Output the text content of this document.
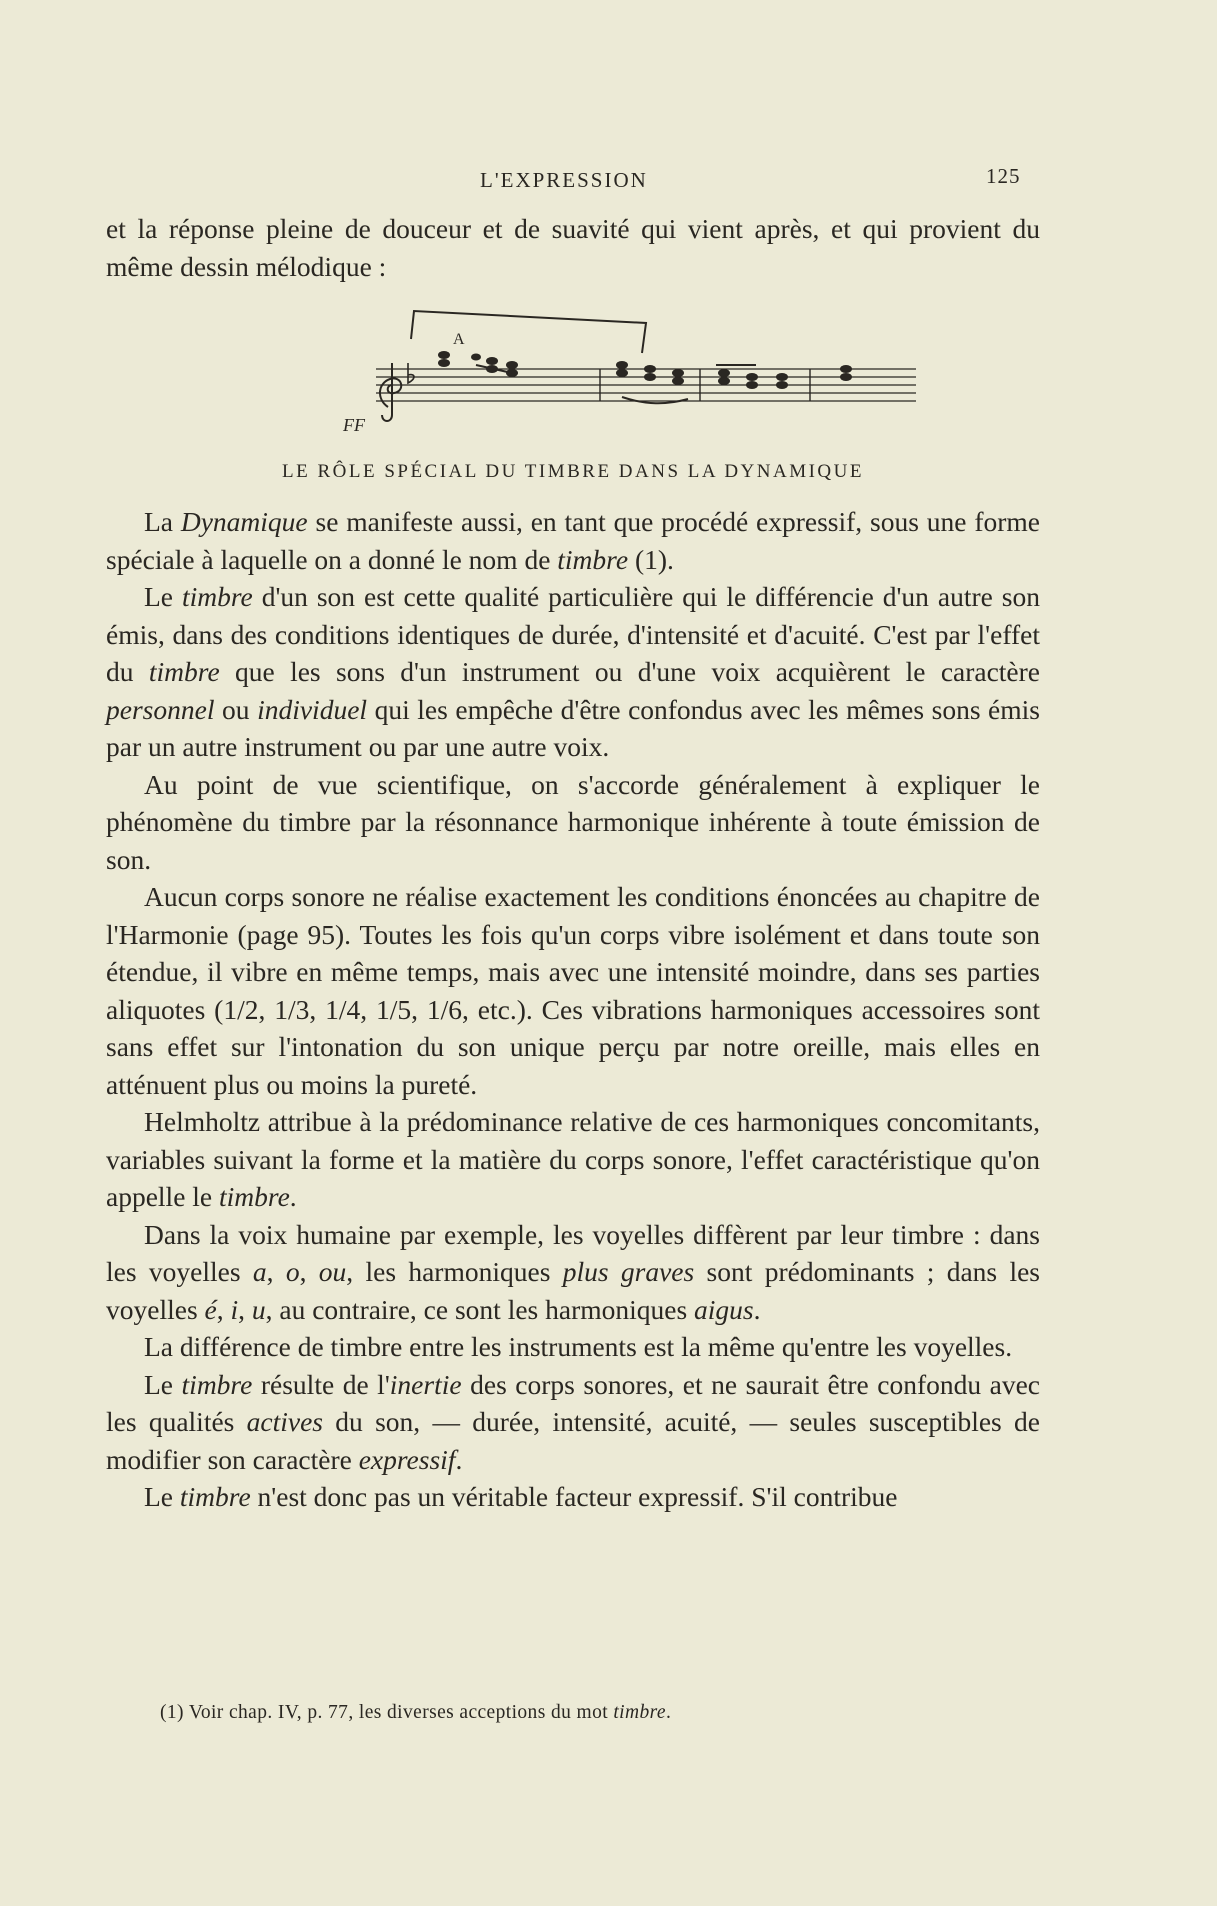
L'EXPRESSION	125

et la réponse pleine de douceur et de suavité qui vient après, et qui provient du même dessin mélodique :

A
FF
LE RÔLE SPÉCIAL DU TIMBRE DANS LA DYNAMIQUE

La Dynamique se manifeste aussi, en tant que procédé expressif, sous une forme spéciale à laquelle on a donné le nom de timbre (1).

Le timbre d'un son est cette qualité particulière qui le différencie d'un autre son émis, dans des conditions identiques de durée, d'intensité et d'acuité. C'est par l'effet du timbre que les sons d'un instrument ou d'une voix acquièrent le caractère personnel ou individuel qui les empêche d'être confondus avec les mêmes sons émis par un autre instrument ou par une autre voix.

Au point de vue scientifique, on s'accorde généralement à expliquer le phénomène du timbre par la résonnance harmonique inhérente à toute émission de son.

Aucun corps sonore ne réalise exactement les conditions énoncées au chapitre de l'Harmonie (page 95). Toutes les fois qu'un corps vibre isolément et dans toute son étendue, il vibre en même temps, mais avec une intensité moindre, dans ses parties aliquotes (1/2, 1/3, 1/4, 1/5, 1/6, etc.). Ces vibrations harmoniques accessoires sont sans effet sur l'intonation du son unique perçu par notre oreille, mais elles en atténuent plus ou moins la pureté.

Helmholtz attribue à la prédominance relative de ces harmoniques concomitants, variables suivant la forme et la matière du corps sonore, l'effet caractéristique qu'on appelle le timbre.

Dans la voix humaine par exemple, les voyelles diffèrent par leur timbre : dans les voyelles a, o, ou, les harmoniques plus graves sont prédominants ; dans les voyelles é, i, u, au contraire, ce sont les harmoniques aigus.

La différence de timbre entre les instruments est la même qu'entre les voyelles.

Le timbre résulte de l'inertie des corps sonores, et ne saurait être confondu avec les qualités actives du son, — durée, intensité, acuité, — seules susceptibles de modifier son caractère expressif.

Le timbre n'est donc pas un véritable facteur expressif. S'il contribue

(1) Voir chap. IV, p. 77, les diverses acceptions du mot timbre.
